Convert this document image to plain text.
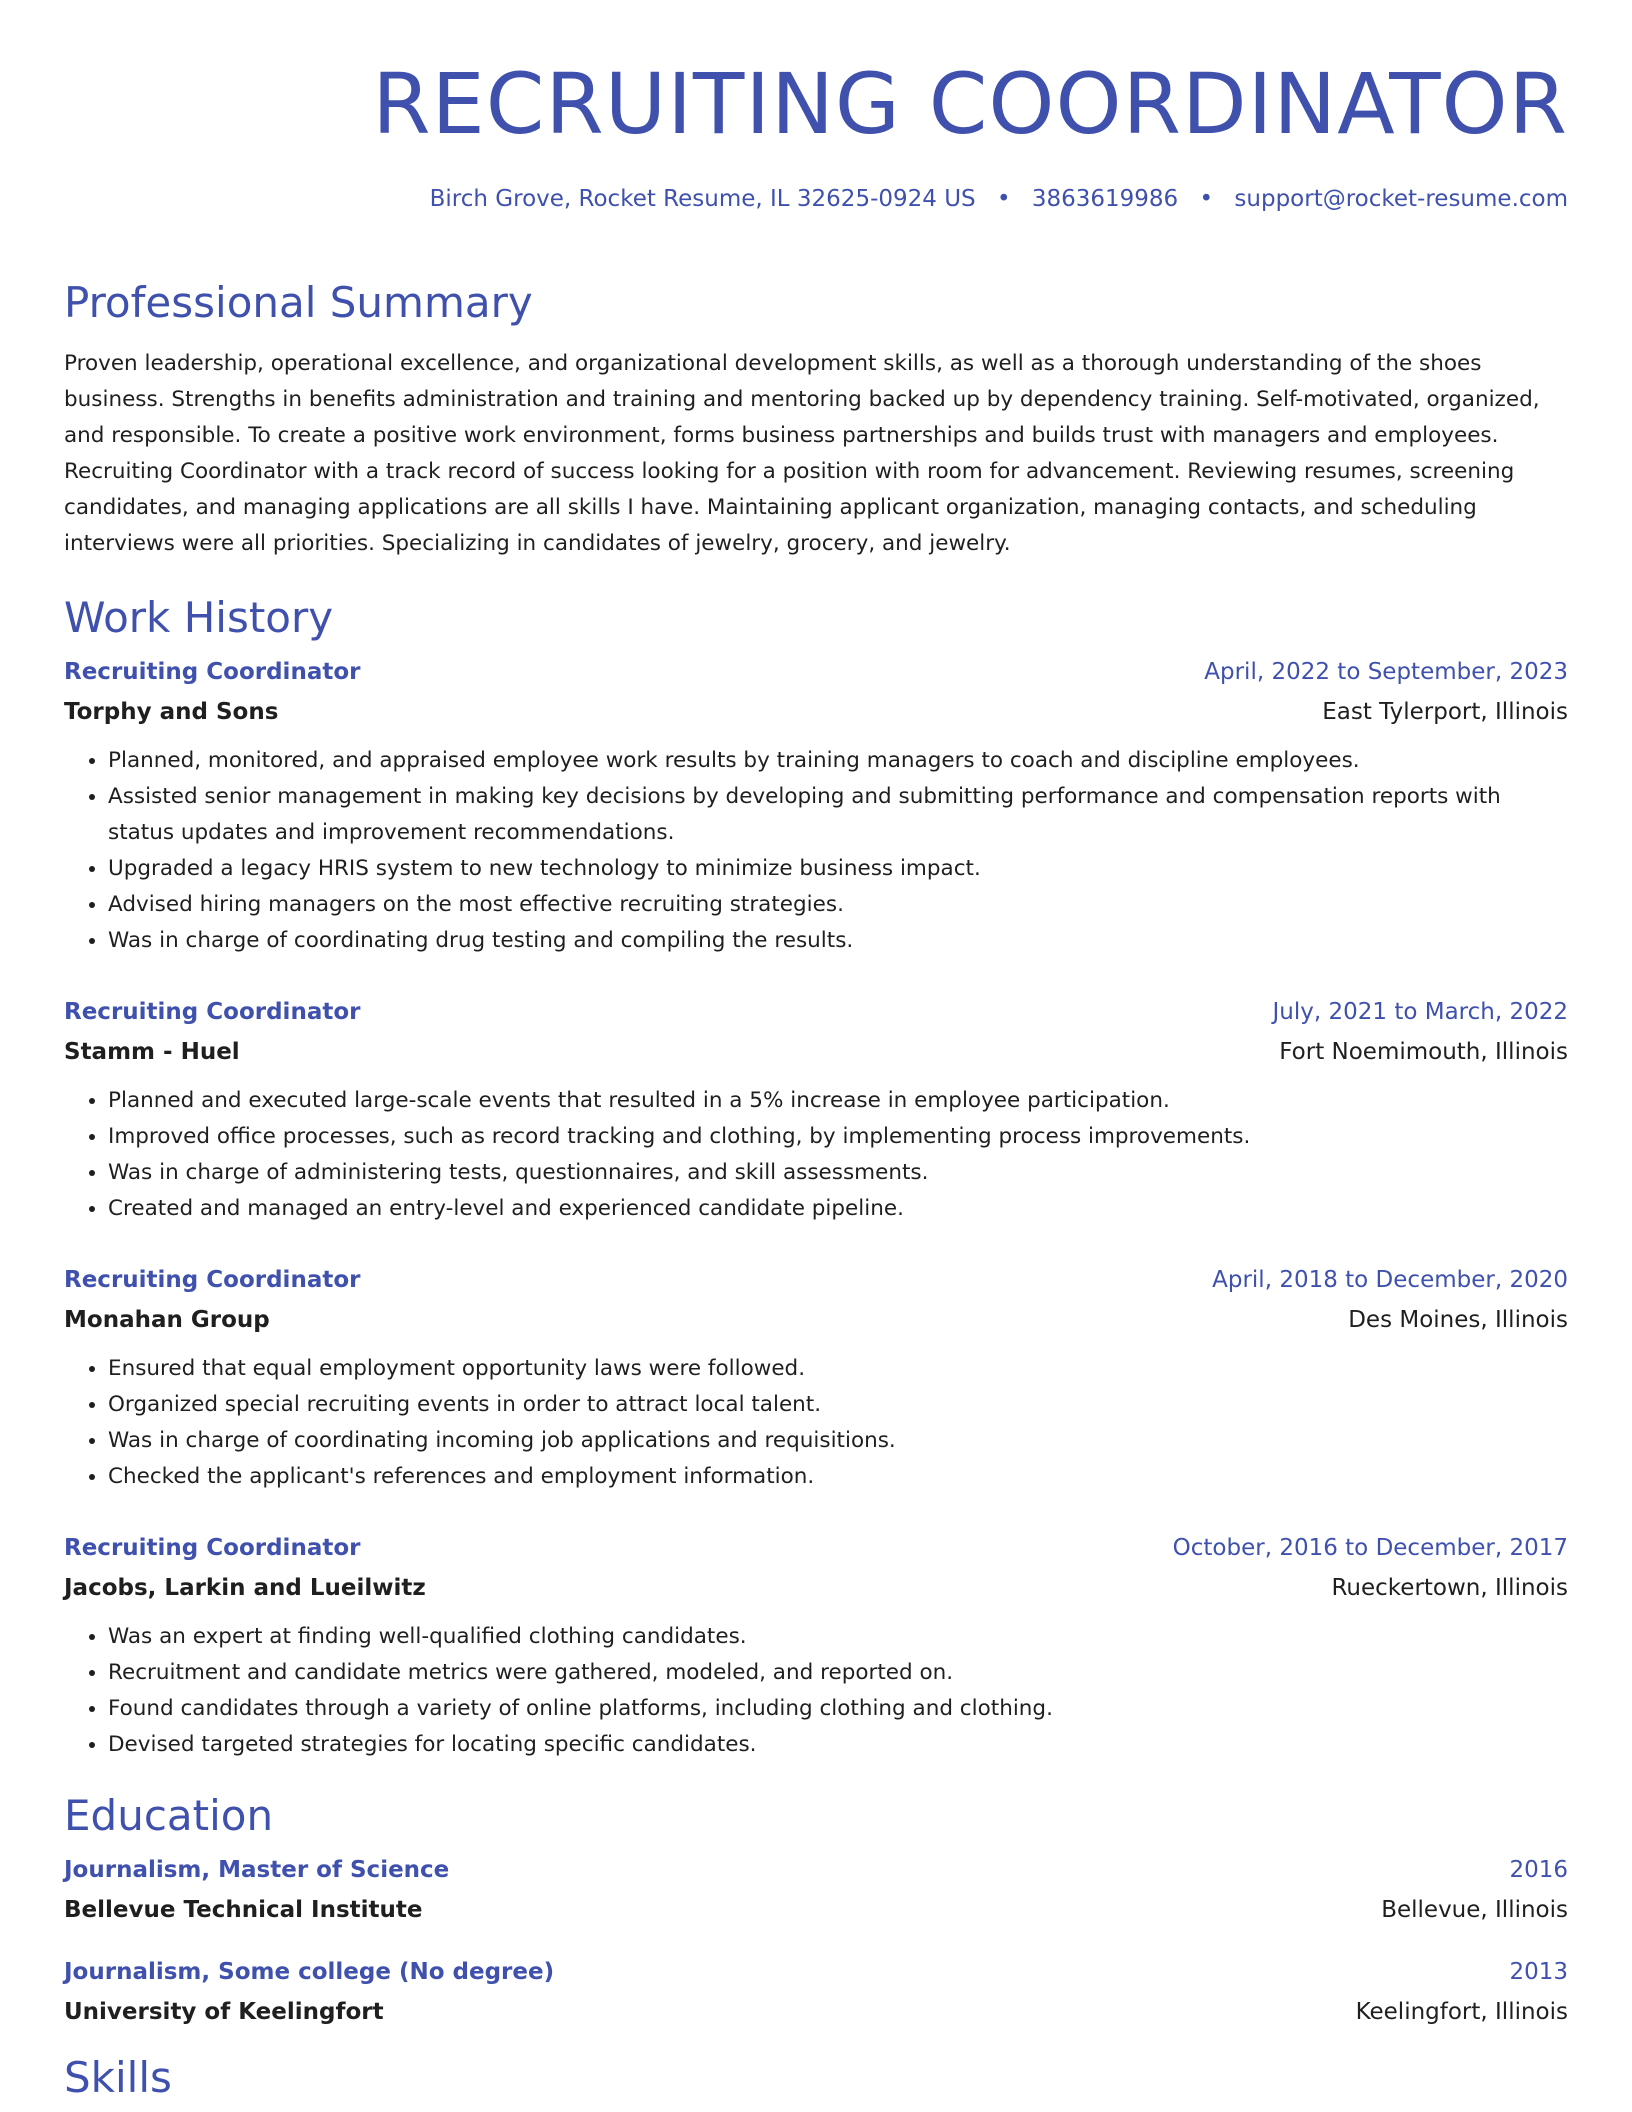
RECRUITING COORDINATOR
Birch Grove, Rocket Resume, IL 32625-0924 US • 3863619986 • support@rocket-resume.com
Professional Summary

Proven leadership, operational excellence, and organizational development skills, as well as a thorough understanding of the shoes business. Strengths in benefits administration and training and mentoring backed up by dependency training. Self-motivated, organized, and responsible. To create a positive work environment, forms business partnerships and builds trust with managers and employees. Recruiting Coordinator with a track record of success looking for a position with room for advancement. Reviewing resumes, screening candidates, and managing applications are all skills I have. Maintaining applicant organization, managing contacts, and scheduling interviews were all priorities. Specializing in candidates of jewelry, grocery, and jewelry.

Work History
Recruiting Coordinator	April, 2022 to September, 2023
Torphy and Sons	East Tylerport, Illinois
• Planned, monitored, and appraised employee work results by training managers to coach and discipline employees.
• Assisted senior management in making key decisions by developing and submitting performance and compensation reports with status updates and improvement recommendations.
• Upgraded a legacy HRIS system to new technology to minimize business impact.
• Advised hiring managers on the most effective recruiting strategies.
• Was in charge of coordinating drug testing and compiling the results.
Recruiting Coordinator	July, 2021 to March, 2022
Stamm - Huel	Fort Noemimouth, Illinois
• Planned and executed large-scale events that resulted in a 5% increase in employee participation.
• Improved office processes, such as record tracking and clothing, by implementing process improvements.
• Was in charge of administering tests, questionnaires, and skill assessments.
• Created and managed an entry-level and experienced candidate pipeline.
Recruiting Coordinator	April, 2018 to December, 2020
Monahan Group	Des Moines, Illinois
• Ensured that equal employment opportunity laws were followed.
• Organized special recruiting events in order to attract local talent.
• Was in charge of coordinating incoming job applications and requisitions.
• Checked the applicant's references and employment information.
Recruiting Coordinator	October, 2016 to December, 2017
Jacobs, Larkin and Lueilwitz	Rueckertown, Illinois
• Was an expert at finding well-qualified clothing candidates.
• Recruitment and candidate metrics were gathered, modeled, and reported on.
• Found candidates through a variety of online platforms, including clothing and clothing.
• Devised targeted strategies for locating specific candidates.
Education
Journalism, Master of Science	2016
Bellevue Technical Institute	Bellevue, Illinois
Journalism, Some college (No degree)	2013
University of Keelingfort	Keelingfort, Illinois
Skills
